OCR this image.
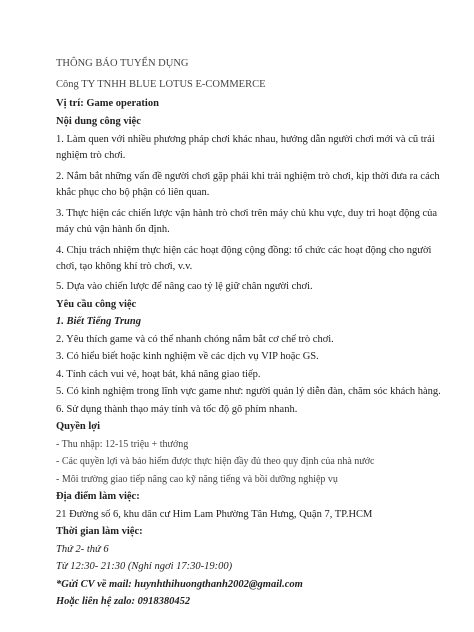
THÔNG BÁO TUYỂN DỤNG

Công TY TNHH BLUE LOTUS E-COMMERCE

Vị trí: Game operation

Nội dung công việc

1. Làm quen với nhiều phương pháp chơi khác nhau, hướng dẫn người chơi mới và cũ trải nghiệm trò chơi.

2. Nắm bắt những vấn đề người chơi gặp phải khi trải nghiệm trò chơi, kịp thời đưa ra cách khắc phục cho bộ phận có liên quan.

3. Thực hiện các chiến lược vận hành trò chơi trên máy chủ khu vực, duy trì hoạt động của máy chủ vận hành ổn định.

4. Chịu trách nhiệm thực hiện các hoạt động cộng đồng: tổ chức các hoạt động cho người chơi, tạo không khí trò chơi, v.v.

5. Dựa vào chiến lược để nâng cao tỷ lệ giữ chân người chơi.

Yêu cầu công việc

1. Biết Tiếng Trung

2. Yêu thích game và có thể nhanh chóng nắm bắt cơ chế trò chơi.

3. Có hiểu biết hoặc kinh nghiệm về các dịch vụ VIP hoặc GS.

4. Tính cách vui vẻ, hoạt bát, khả năng giao tiếp.

5. Có kinh nghiệm trong lĩnh vực game như: người quản lý diễn đàn, chăm sóc khách hàng.

6. Sử dụng thành thạo máy tính và tốc độ gõ phím nhanh.

Quyền lợi

- Thu nhập: 12-15 triệu + thưởng

- Các quyền lợi và bảo hiểm được thực hiện đầy đủ theo quy định của nhà nước

- Môi trường giao tiếp nâng cao kỹ năng tiếng và bồi dưỡng nghiệp vụ

Địa điểm làm việc:

21 Đường số 6, khu dân cư Him Lam Phường Tân Hưng, Quận 7, TP.HCM

Thời gian làm việc:

Thứ 2- thứ 6

Từ 12:30- 21:30 (Nghỉ ngơi 17:30-19:00)

*Gửi CV về mail: huynhthihuongthanh2002@gmail.com

Hoặc liên hệ zalo: 0918380452
